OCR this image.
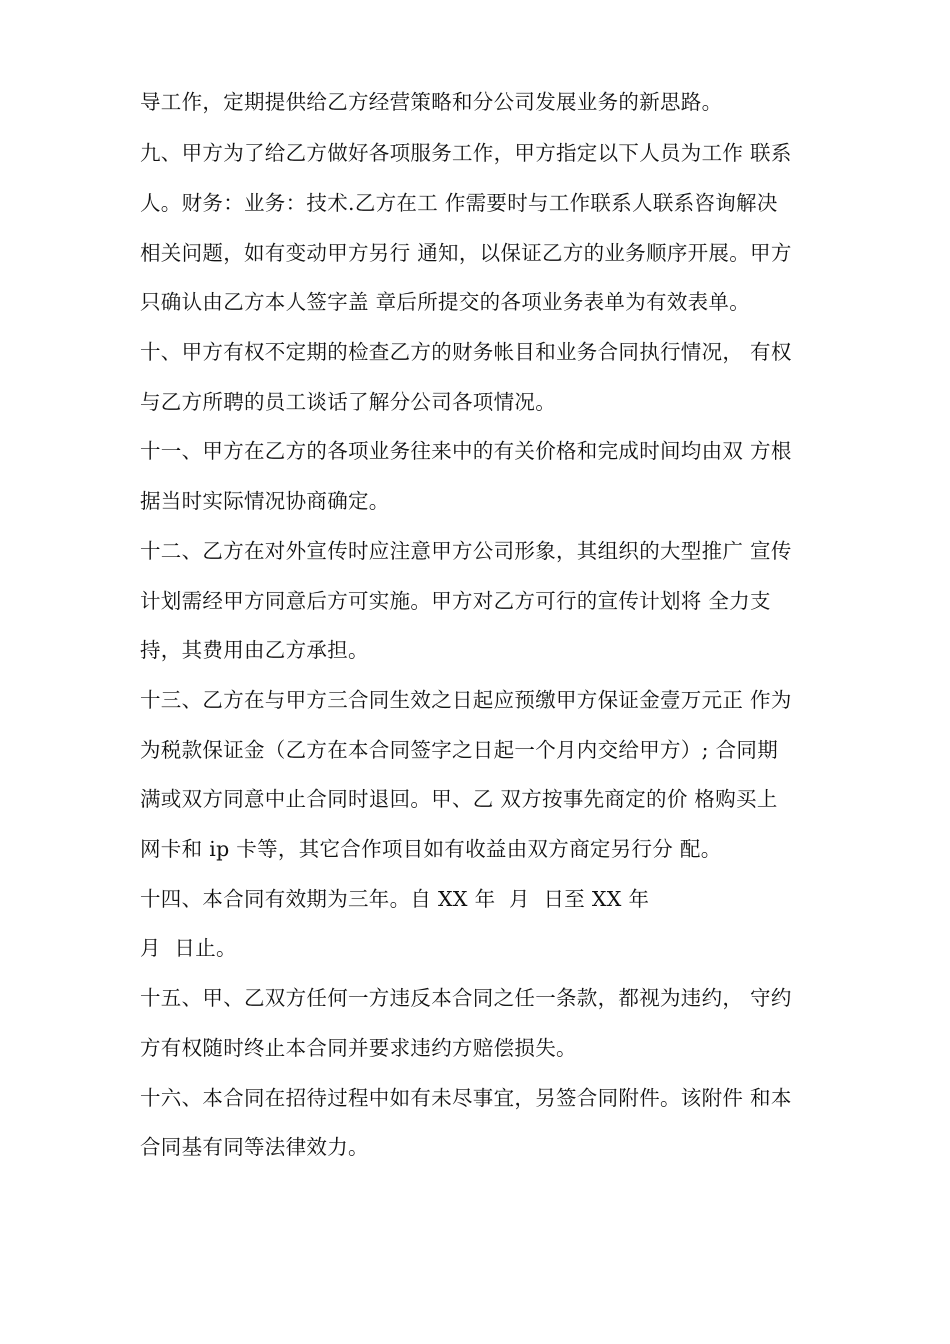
导工作，定期提供给乙方经营策略和分公司发展业务的新思路。
九、甲方为了给乙方做好各项服务工作，甲方指定以下人员为工作 联系
人。财务：业务：技术.乙方在工 作需要时与工作联系人联系咨询解决
相关问题，如有变动甲方另行 通知，以保证乙方的业务顺序开展。甲方
只确认由乙方本人签字盖 章后所提交的各项业务表单为有效表单。
十、甲方有权不定期的检查乙方的财务帐目和业务合同执行情况， 有权
与乙方所聘的员工谈话了解分公司各项情况。
十一、甲方在乙方的各项业务往来中的有关价格和完成时间均由双 方根
据当时实际情况协商确定。
十二、乙方在对外宣传时应注意甲方公司形象，其组织的大型推广 宣传
计划需经甲方同意后方可实施。甲方对乙方可行的宣传计划将 全力支
持，其费用由乙方承担。
十三、乙方在与甲方三合同生效之日起应预缴甲方保证金壹万元正 作为
为税款保证金（乙方在本合同签字之日起一个月内交给甲方）; 合同期
满或双方同意中止合同时退回。甲、乙 双方按事先商定的价 格购买上
网卡和 ip 卡等，其它合作项目如有收益由双方商定另行分 配。
十四、本合同有效期为三年。自 XX 年  月  日至 XX 年
月  日止。
十五、甲、乙双方任何一方违反本合同之任一条款，都视为违约， 守约
方有权随时终止本合同并要求违约方赔偿损失。
十六、本合同在招待过程中如有未尽事宜，另签合同附件。该附件 和本
合同基有同等法律效力。
